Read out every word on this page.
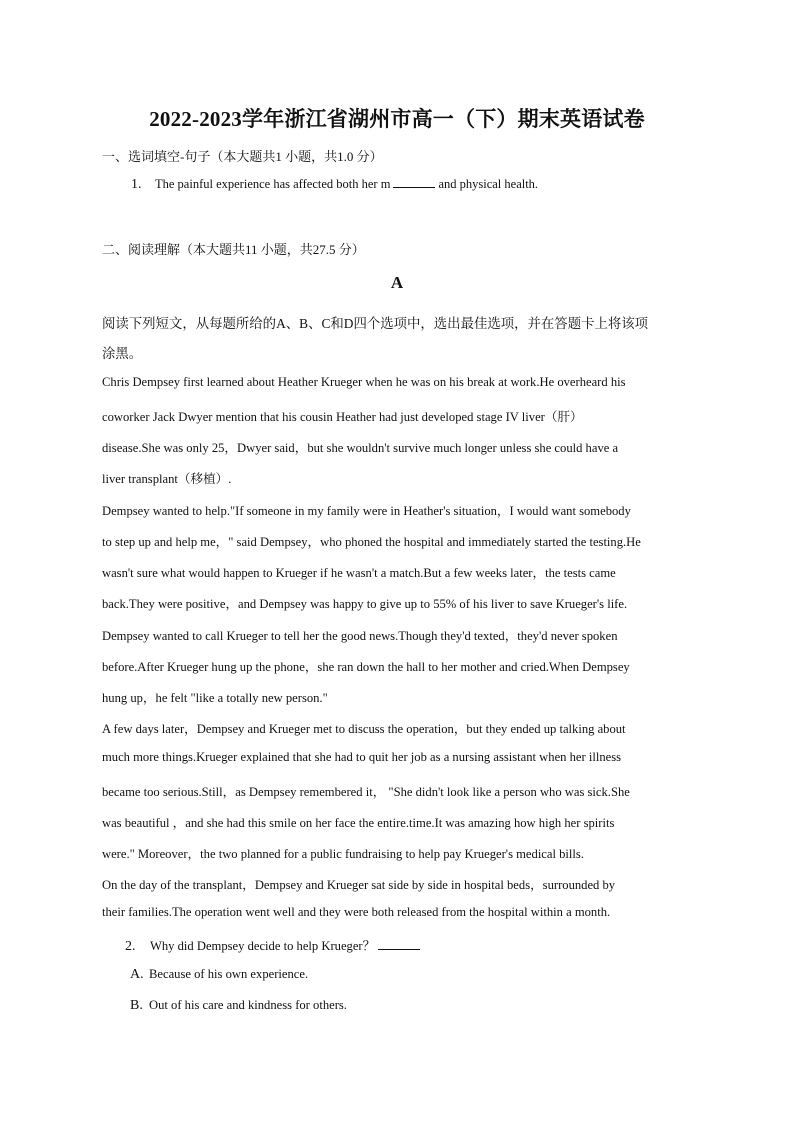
2022-2023学年浙江省湖州市高一（下）期末英语试卷
一、选词填空-句子（本大题共1 小题，共1.0 分）
1. The painful experience has affected both her m	and physical health.
二、阅读理解（本大题共11 小题，共27.5 分）
A
阅读下列短文，从每题所给的A、B、C和D四个选项中，选出最佳选项，并在答题卡上将该项
涂黑。
Chris Dempsey first learned about Heather Krueger when he was on his break at work.He overheard his
coworker Jack Dwyer mention that his cousin Heather had just developed stage IV liver（肝）
disease.She was only 25，Dwyer said，but she wouldn't survive much longer unless she could have a
liver transplant（移植）.
Dempsey wanted to help."If someone in my family were in Heather's situation，I would want somebody
to step up and help me，" said Dempsey，who phoned the hospital and immediately started the testing.He
wasn't sure what would happen to Krueger if he wasn't a match.But a few weeks later，the tests came
back.They were positive，and Dempsey was happy to give up to 55% of his liver to save Krueger's life.
Dempsey wanted to call Krueger to tell her the good news.Though they'd texted，they'd never spoken
before.After Krueger hung up the phone，she ran down the hall to her mother and cried.When Dempsey
hung up，he felt "like a totally new person."
A few days later，Dempsey and Krueger met to discuss the operation，but they ended up talking about
much more things.Krueger explained that she had to quit her job as a nursing assistant when her illness
became too serious.Still，as Dempsey remembered it， "She didn't look like a person who was sick.She
was beautiful ，and she had this smile on her face the entire.time.It was amazing how high her spirits
were." Moreover，the two planned for a public fundraising to help pay Krueger's medical bills.
On the day of the transplant，Dempsey and Krueger sat side by side in hospital beds，surrounded by
their families.The operation went well and they were both released from the hospital within a month.
2. Why did Dempsey decide to help Krueger？
A. Because of his own experience.
B. Out of his care and kindness for others.
